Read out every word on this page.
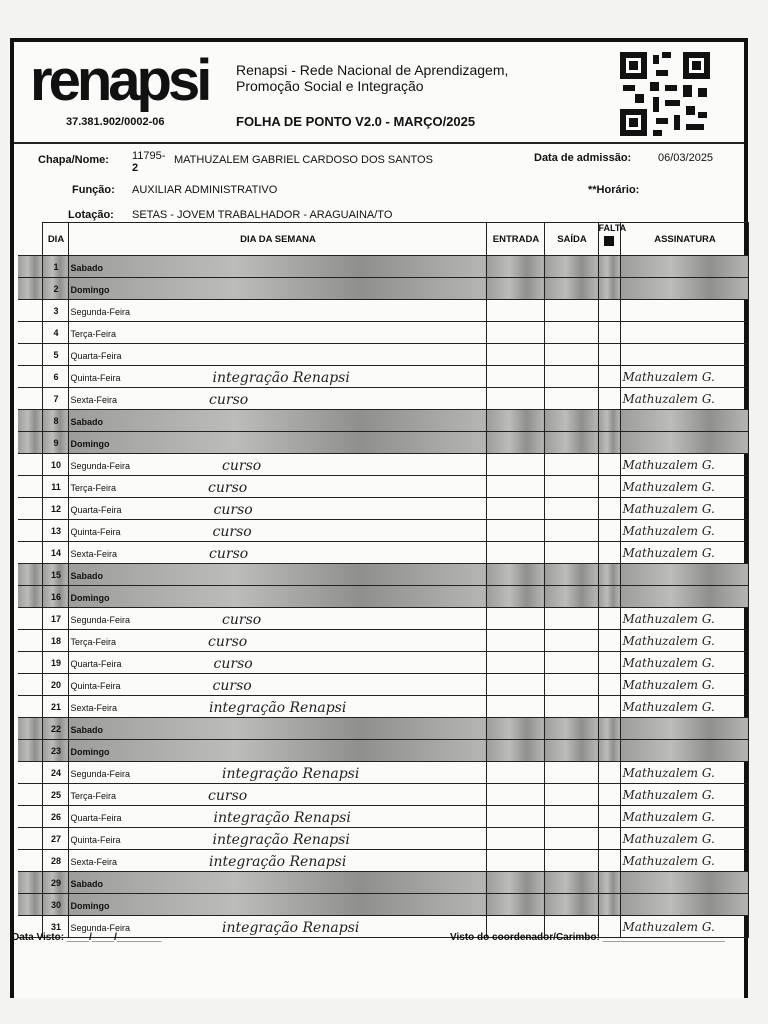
renapsi
37.381.902/0002-06
Renapsi - Rede Nacional de Aprendizagem,
Promoção Social e Integração
FOLHA DE PONTO V2.0 - MARÇO/2025
Chapa/Nome: 11795-
2
MATHUZALEM GABRIEL CARDOSO DOS SANTOS	Data de admissão: 06/03/2025
Função: AUXILIAR ADMINISTRATIVO	**Horário:
Lotação: SETAS - JOVEM TRABALHADOR - ARAGUAINA/TO
	DIA	DIA DA SEMANA	ENTRADA	SAÍDA	FALTA	ASSINATURA
	1	Sabado				
	2	Domingo				
	3	Segunda-Feira				
	4	Terça-Feira				
	5	Quarta-Feira				
	6	Quinta-Feira integração Renapsi				Mathuzalem G.
	7	Sexta-Feira curso				Mathuzalem G.
	8	Sabado				
	9	Domingo				
	10	Segunda-Feira curso				Mathuzalem G.
	11	Terça-Feira curso				Mathuzalem G.
	12	Quarta-Feira curso				Mathuzalem G.
	13	Quinta-Feira curso				Mathuzalem G.
	14	Sexta-Feira curso				Mathuzalem G.
	15	Sabado				
	16	Domingo				
	17	Segunda-Feira curso				Mathuzalem G.
	18	Terça-Feira curso				Mathuzalem G.
	19	Quarta-Feira curso				Mathuzalem G.
	20	Quinta-Feira curso				Mathuzalem G.
	21	Sexta-Feira integração Renapsi				Mathuzalem G.
	22	Sabado				
	23	Domingo				
	24	Segunda-Feira integração Renapsi				Mathuzalem G.
	25	Terça-Feira curso				Mathuzalem G.
	26	Quarta-Feira integração Renapsi				Mathuzalem G.
	27	Quinta-Feira integração Renapsi				Mathuzalem G.
	28	Sexta-Feira integração Renapsi				Mathuzalem G.
	29	Sabado				
	30	Domingo				
	31	Segunda-Feira integração Renapsi				Mathuzalem G.
Data Visto: ____/____/________	Visto do coordenador/Carimbo: ______________________
